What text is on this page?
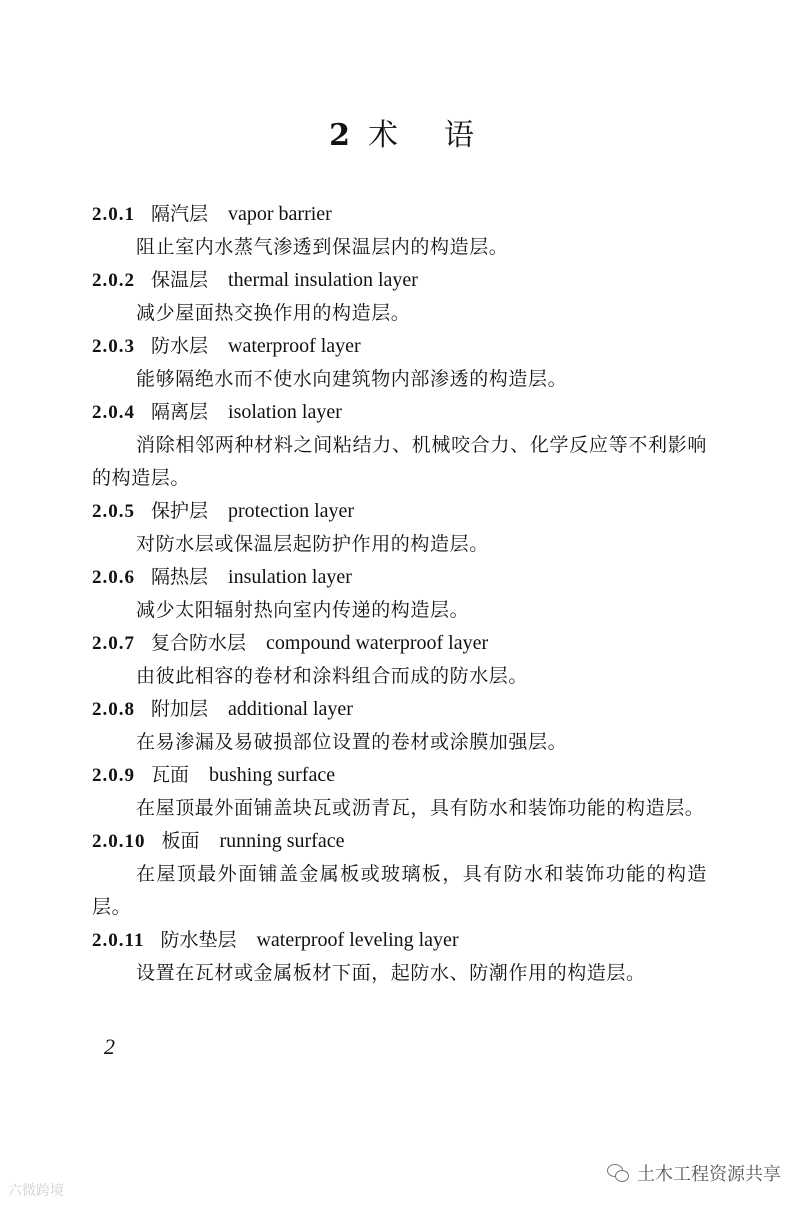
2 术 语
2.0.1 隔汽层 vapor barrier
阻止室内水蒸气渗透到保温层内的构造层。
2.0.2 保温层 thermal insulation layer
减少屋面热交换作用的构造层。
2.0.3 防水层 waterproof layer
能够隔绝水而不使水向建筑物内部渗透的构造层。
2.0.4 隔离层 isolation layer
消除相邻两种材料之间粘结力、机械咬合力、化学反应等不利影响的构造层。
2.0.5 保护层 protection layer
对防水层或保温层起防护作用的构造层。
2.0.6 隔热层 insulation layer
减少太阳辐射热向室内传递的构造层。
2.0.7 复合防水层 compound waterproof layer
由彼此相容的卷材和涂料组合而成的防水层。
2.0.8 附加层 additional layer
在易渗漏及易破损部位设置的卷材或涂膜加强层。
2.0.9 瓦面 bushing surface
在屋顶最外面铺盖块瓦或沥青瓦，具有防水和装饰功能的构造层。
2.0.10 板面 running surface
在屋顶最外面铺盖金属板或玻璃板，具有防水和装饰功能的构造层。
2.0.11 防水垫层 waterproof leveling layer
设置在瓦材或金属板材下面，起防水、防潮作用的构造层。
2
六微跨境
土木工程资源共享
